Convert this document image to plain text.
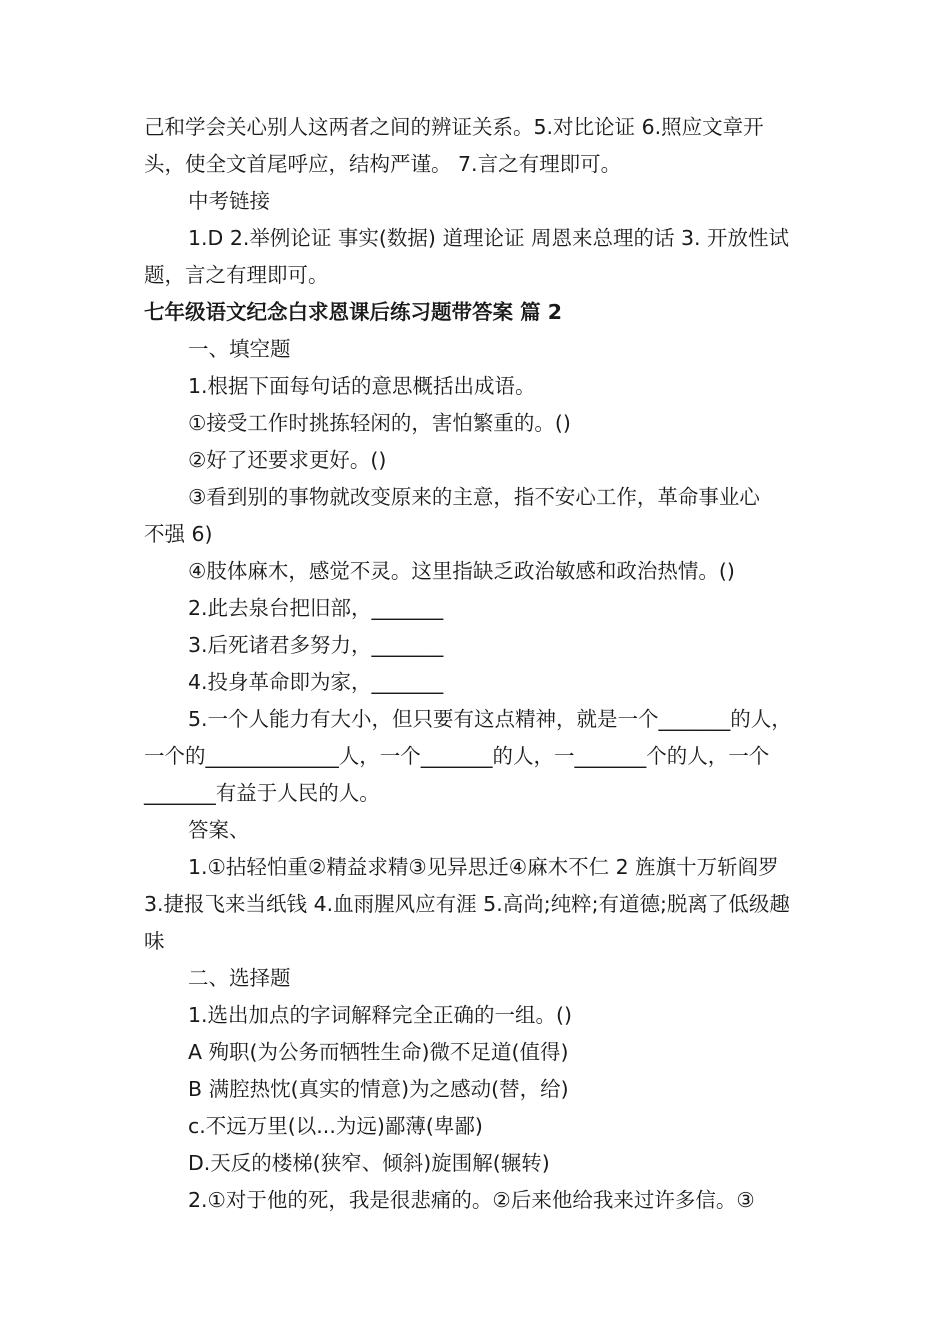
己和学会关心别人这两者之间的辨证关系。5.对比论证 6.照应文章开
头，使全文首尾呼应，结构严谨。 7.言之有理即可。
中考链接
1.D 2.举例论证 事实(数据) 道理论证 周恩来总理的话 3. 开放性试
题，言之有理即可。
七年级语文纪念白求恩课后练习题带答案 篇 2
一、填空题
1.根据下面每句话的意思概括出成语。
①接受工作时挑拣轻闲的，害怕繁重的。()
②好了还要求更好。()
③看到别的事物就改变原来的主意，指不安心工作，革命事业心
不强 6)
④肢体麻木，感觉不灵。这里指缺乏政治敏感和政治热情。()
2.此去泉台把旧部，_______
3.后死诸君多努力，_______
4.投身革命即为家，_______
5.一个人能力有大小，但只要有这点精神，就是一个_______的人，
一个的_____________人，一个_______的人，一_______个的人，一个
_______有益于人民的人。
答案、
1.①拈轻怕重②精益求精③见异思迁④麻木不仁 2 旌旗十万斩阎罗
3.捷报飞来当纸钱 4.血雨腥风应有涯 5.高尚;纯粹;有道德;脱离了低级趣
味
二、选择题
1.选出加点的字词解释完全正确的一组。()
A 殉职(为公务而牺牲生命)微不足道(值得)
B 满腔热忱(真实的情意)为之感动(替，给)
c.不远万里(以...为远)鄙薄(卑鄙)
D.天反的楼梯(狭窄、倾斜)旋围解(辗转)
2.①对于他的死，我是很悲痛的。②后来他给我来过许多信。③
